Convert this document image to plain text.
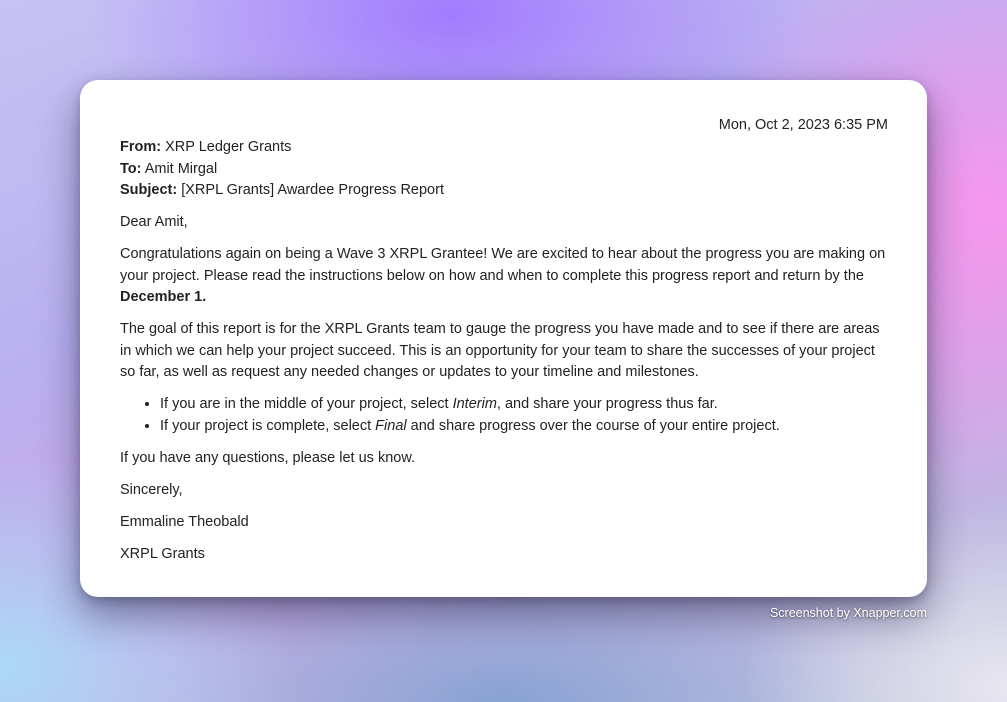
Mon, Oct 2, 2023 6:35 PM
From: XRP Ledger Grants
To: Amit Mirgal
Subject: [XRPL Grants] Awardee Progress Report

Dear Amit,

Congratulations again on being a Wave 3 XRPL Grantee! We are excited to hear about the progress you are making on your project. Please read the instructions below on how and when to complete this progress report and return by the December 1.

The goal of this report is for the XRPL Grants team to gauge the progress you have made and to see if there are areas in which we can help your project succeed. This is an opportunity for your team to share the successes of your project so far, as well as request any needed changes or updates to your timeline and milestones.

• If you are in the middle of your project, select Interim, and share your progress thus far.
• If your project is complete, select Final and share progress over the course of your entire project.

If you have any questions, please let us know.

Sincerely,

Emmaline Theobald

XRPL Grants

Screenshot by Xnapper.com
